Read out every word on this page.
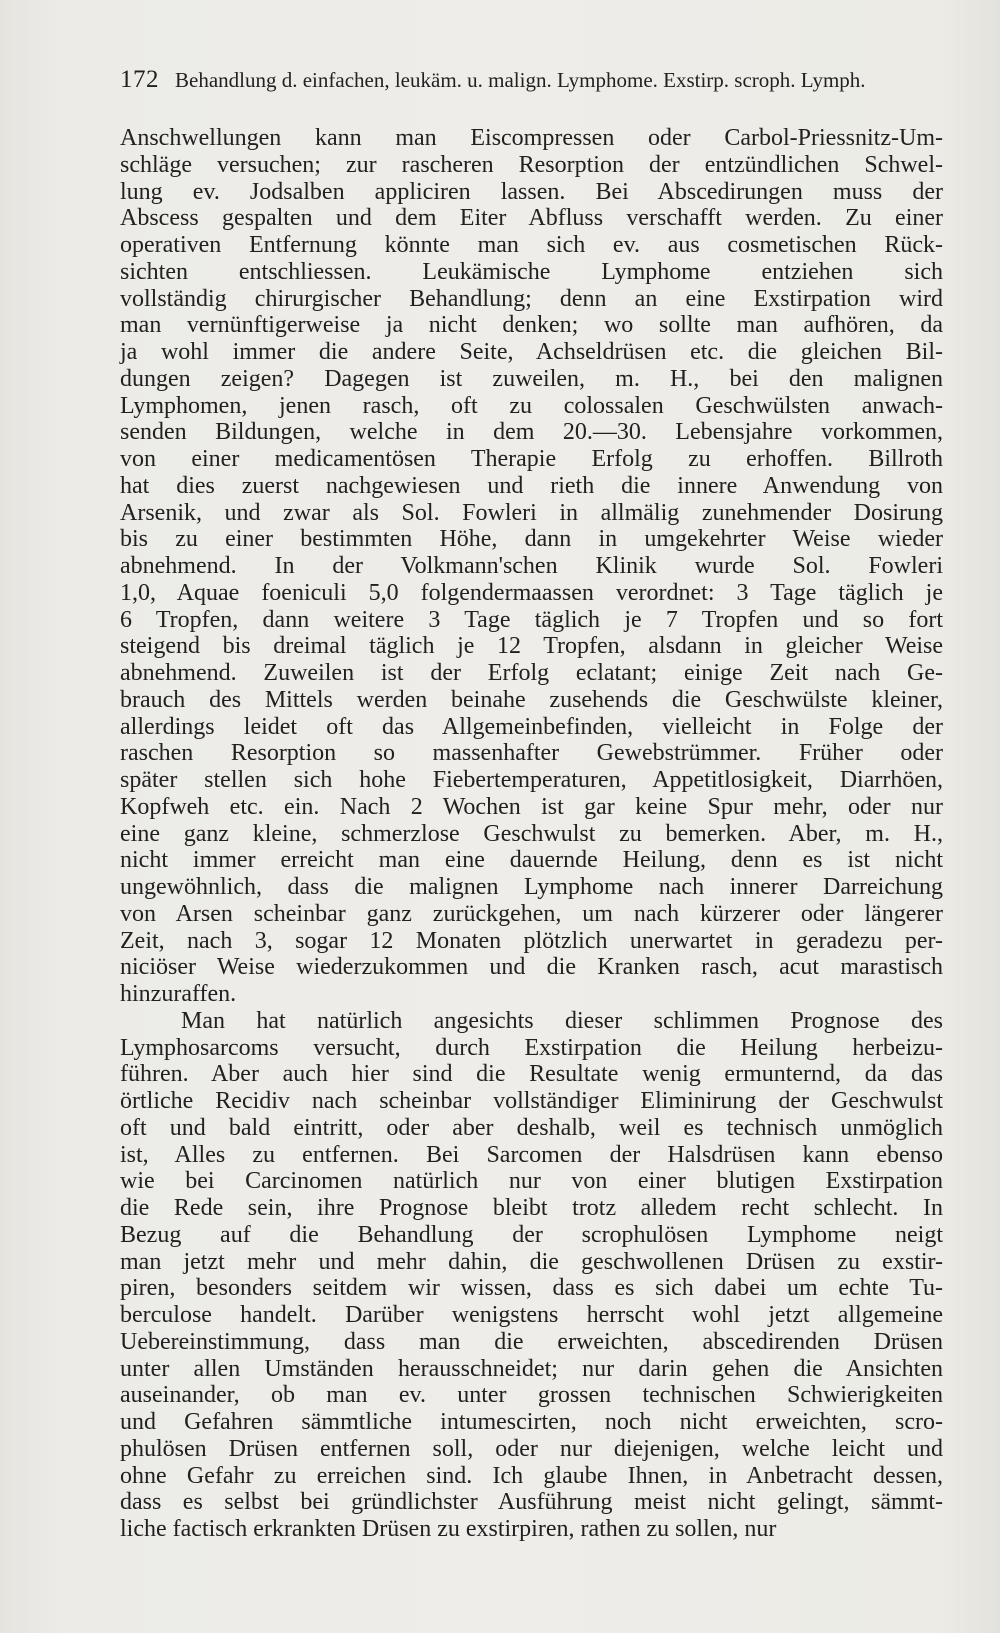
172 Behandlung d. einfachen, leukäm. u. malign. Lymphome. Exstirp. scroph. Lymph.
Anschwellungen kann man Eiscompressen oder Carbol-Priessnitz-Um-
schläge versuchen; zur rascheren Resorption der entzündlichen Schwel-
lung ev. Jodsalben appliciren lassen. Bei Abscedirungen muss der
Abscess gespalten und dem Eiter Abfluss verschafft werden. Zu einer
operativen Entfernung könnte man sich ev. aus cosmetischen Rück-
sichten entschliessen. Leukämische Lymphome entziehen sich
vollständig chirurgischer Behandlung; denn an eine Exstirpation wird
man vernünftigerweise ja nicht denken; wo sollte man aufhören, da
ja wohl immer die andere Seite, Achseldrüsen etc. die gleichen Bil-
dungen zeigen? Dagegen ist zuweilen, m. H., bei den malignen
Lymphomen, jenen rasch, oft zu colossalen Geschwülsten anwach-
senden Bildungen, welche in dem 20.—30. Lebensjahre vorkommen,
von einer medicamentösen Therapie Erfolg zu erhoffen. Billroth
hat dies zuerst nachgewiesen und rieth die innere Anwendung von
Arsenik, und zwar als Sol. Fowleri in allmälig zunehmender Dosirung
bis zu einer bestimmten Höhe, dann in umgekehrter Weise wieder
abnehmend. In der Volkmann'schen Klinik wurde Sol. Fowleri
1,0, Aquae foeniculi 5,0 folgendermaassen verordnet: 3 Tage täglich je
6 Tropfen, dann weitere 3 Tage täglich je 7 Tropfen und so fort
steigend bis dreimal täglich je 12 Tropfen, alsdann in gleicher Weise
abnehmend. Zuweilen ist der Erfolg eclatant; einige Zeit nach Ge-
brauch des Mittels werden beinahe zusehends die Geschwülste kleiner,
allerdings leidet oft das Allgemeinbefinden, vielleicht in Folge der
raschen Resorption so massenhafter Gewebstrümmer. Früher oder
später stellen sich hohe Fiebertemperaturen, Appetitlosigkeit, Diarrhöen,
Kopfweh etc. ein. Nach 2 Wochen ist gar keine Spur mehr, oder nur
eine ganz kleine, schmerzlose Geschwulst zu bemerken. Aber, m. H.,
nicht immer erreicht man eine dauernde Heilung, denn es ist nicht
ungewöhnlich, dass die malignen Lymphome nach innerer Darreichung
von Arsen scheinbar ganz zurückgehen, um nach kürzerer oder längerer
Zeit, nach 3, sogar 12 Monaten plötzlich unerwartet in geradezu per-
niciöser Weise wiederzukommen und die Kranken rasch, acut marastisch
hinzuraffen.
Man hat natürlich angesichts dieser schlimmen Prognose des
Lymphosarcoms versucht, durch Exstirpation die Heilung herbeizu-
führen. Aber auch hier sind die Resultate wenig ermunternd, da das
örtliche Recidiv nach scheinbar vollständiger Eliminirung der Geschwulst
oft und bald eintritt, oder aber deshalb, weil es technisch unmöglich
ist, Alles zu entfernen. Bei Sarcomen der Halsdrüsen kann ebenso
wie bei Carcinomen natürlich nur von einer blutigen Exstirpation
die Rede sein, ihre Prognose bleibt trotz alledem recht schlecht. In
Bezug auf die Behandlung der scrophulösen Lymphome neigt
man jetzt mehr und mehr dahin, die geschwollenen Drüsen zu exstir-
piren, besonders seitdem wir wissen, dass es sich dabei um echte Tu-
berculose handelt. Darüber wenigstens herrscht wohl jetzt allgemeine
Uebereinstimmung, dass man die erweichten, abscedirenden Drüsen
unter allen Umständen herausschneidet; nur darin gehen die Ansichten
auseinander, ob man ev. unter grossen technischen Schwierigkeiten
und Gefahren sämmtliche intumescirten, noch nicht erweichten, scro-
phulösen Drüsen entfernen soll, oder nur diejenigen, welche leicht und
ohne Gefahr zu erreichen sind. Ich glaube Ihnen, in Anbetracht dessen,
dass es selbst bei gründlichster Ausführung meist nicht gelingt, sämmt-
liche factisch erkrankten Drüsen zu exstirpiren, rathen zu sollen, nur
